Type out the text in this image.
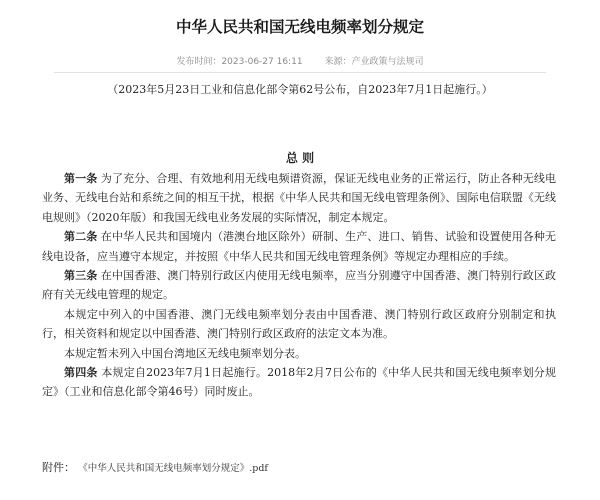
中华人民共和国无线电频率划分规定
发布时间：2023-06-27 16:11 来源：产业政策与法规司
（2023年5月23日工业和信息化部令第62号公布，自2023年7月1日起施行。）
总 则

第一条 为了充分、合理、有效地利用无线电频谱资源，保证无线电业务的正常运行，防止各种无线电业务、无线电台站和系统之间的相互干扰，根据《中华人民共和国无线电管理条例》、国际电信联盟《无线电规则》（2020年版）和我国无线电业务发展的实际情况，制定本规定。

第二条 在中华人民共和国境内（港澳台地区除外）研制、生产、进口、销售、试验和设置使用各种无线电设备，应当遵守本规定，并按照《中华人民共和国无线电管理条例》等规定办理相应的手续。

第三条 在中国香港、澳门特别行政区内使用无线电频率，应当分别遵守中国香港、澳门特别行政区政府有关无线电管理的规定。

本规定中列入的中国香港、澳门无线电频率划分表由中国香港、澳门特别行政区政府分别制定和执行，相关资料和规定以中国香港、澳门特别行政区政府的法定文本为准。

本规定暂未列入中国台湾地区无线电频率划分表。

第四条 本规定自2023年7月1日起施行。2018年2月7日公布的《中华人民共和国无线电频率划分规定》（工业和信息化部令第46号）同时废止。

附件： 《中华人民共和国无线电频率划分规定》.pdf
